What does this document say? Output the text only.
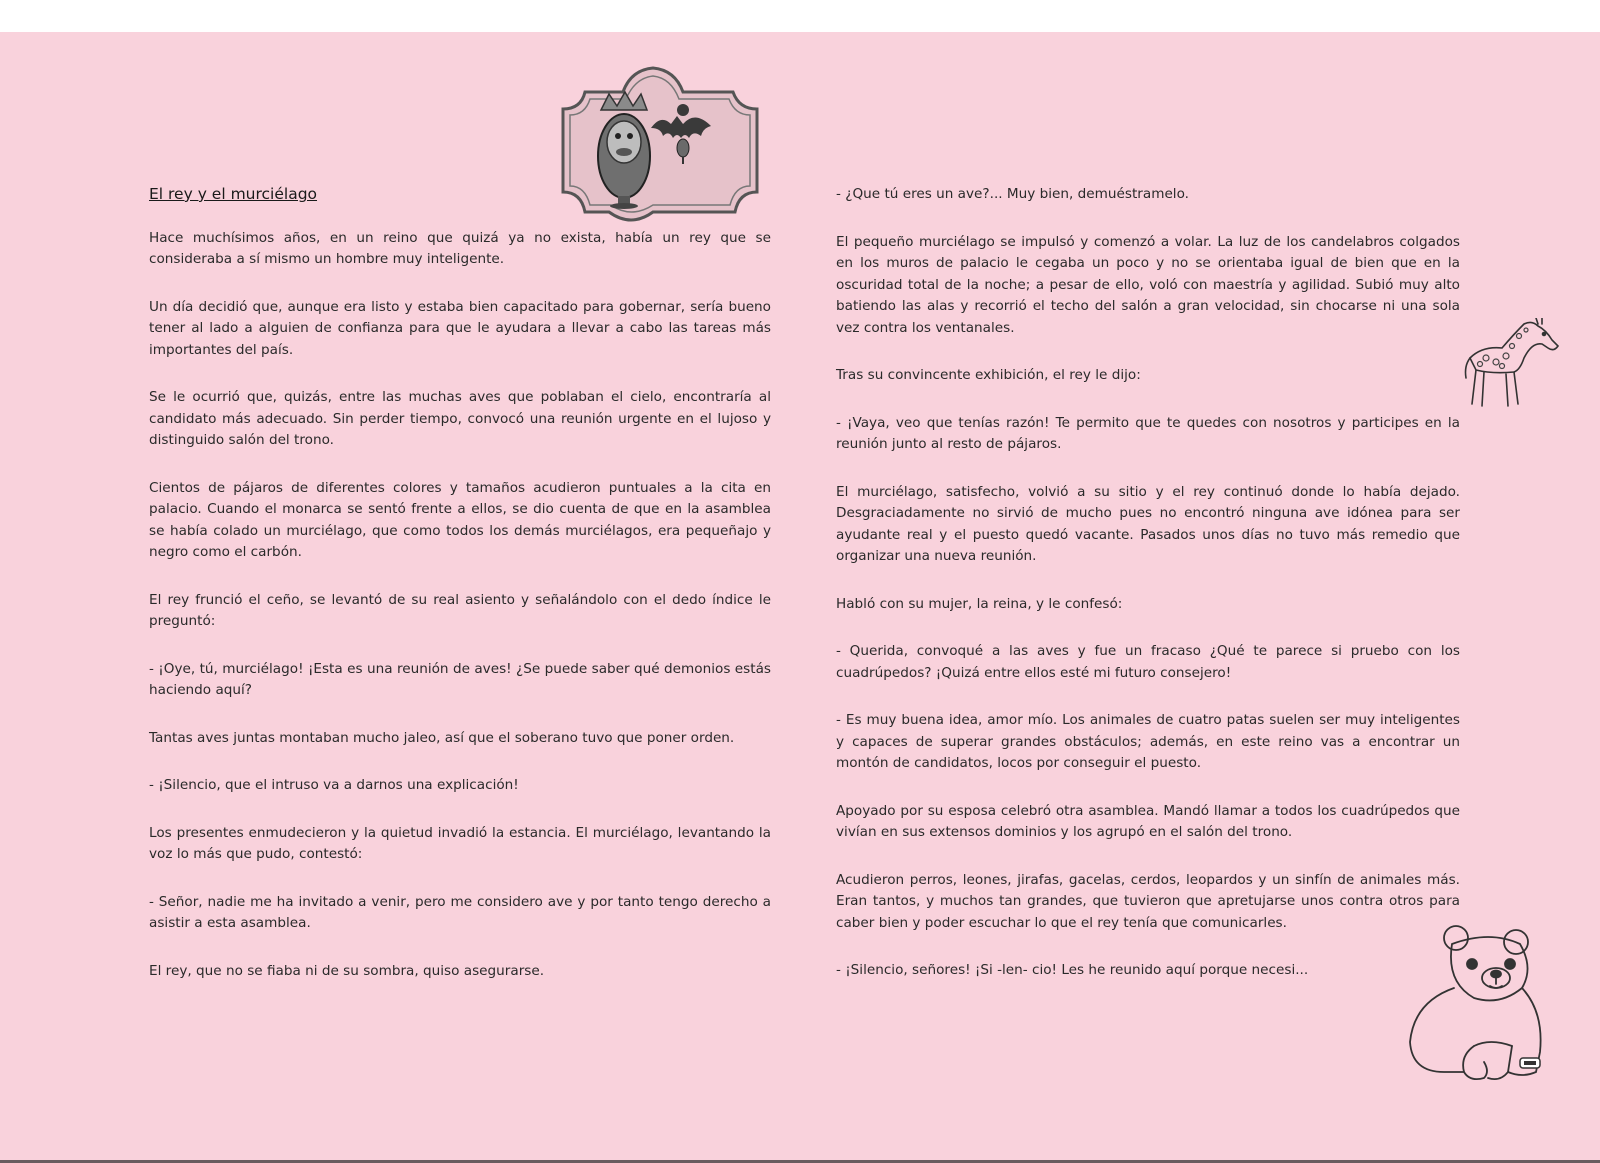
El rey y el murciélago

Hace muchísimos años, en un reino que quizá ya no exista, había un rey que se consideraba a sí mismo un hombre muy inteligente.

Un día decidió que, aunque era listo y estaba bien capacitado para gobernar, sería bueno tener al lado a alguien de confianza para que le ayudara a llevar a cabo las tareas más importantes del país.

Se le ocurrió que, quizás, entre las muchas aves que poblaban el cielo, encontraría al candidato más adecuado. Sin perder tiempo, convocó una reunión urgente en el lujoso y distinguido salón del trono.

Cientos de pájaros de diferentes colores y tamaños acudieron puntuales a la cita en palacio. Cuando el monarca se sentó frente a ellos, se dio cuenta de que en la asamblea se había colado un murciélago, que como todos los demás murciélagos, era pequeñajo y negro como el carbón.

El rey frunció el ceño, se levantó de su real asiento y señalándolo con el dedo índice le preguntó:

- ¡Oye, tú, murciélago! ¡Esta es una reunión de aves! ¿Se puede saber qué demonios estás haciendo aquí?

Tantas aves juntas montaban mucho jaleo, así que el soberano tuvo que poner orden.

- ¡Silencio, que el intruso va a darnos una explicación!

Los presentes enmudecieron y la quietud invadió la estancia. El murciélago, levantando la voz lo más que pudo, contestó:

- Señor, nadie me ha invitado a venir, pero me considero ave y por tanto tengo derecho a asistir a esta asamblea.

El rey, que no se fiaba ni de su sombra, quiso asegurarse.

- ¿Que tú eres un ave?... Muy bien, demuéstramelo.

El pequeño murciélago se impulsó y comenzó a volar. La luz de los candelabros colgados en los muros de palacio le cegaba un poco y no se orientaba igual de bien que en la oscuridad total de la noche; a pesar de ello, voló con maestría y agilidad. Subió muy alto batiendo las alas y recorrió el techo del salón a gran velocidad, sin chocarse ni una sola vez contra los ventanales.

Tras su convincente exhibición, el rey le dijo:

- ¡Vaya, veo que tenías razón! Te permito que te quedes con nosotros y participes en la reunión junto al resto de pájaros.

El murciélago, satisfecho, volvió a su sitio y el rey continuó donde lo había dejado. Desgraciadamente no sirvió de mucho pues no encontró ninguna ave idónea para ser ayudante real y el puesto quedó vacante. Pasados unos días no tuvo más remedio que organizar una nueva reunión.

Habló con su mujer, la reina, y le confesó:

- Querida, convoqué a las aves y fue un fracaso ¿Qué te parece si pruebo con los cuadrúpedos? ¡Quizá entre ellos esté mi futuro consejero!

- Es muy buena idea, amor mío. Los animales de cuatro patas suelen ser muy inteligentes y capaces de superar grandes obstáculos; además, en este reino vas a encontrar un montón de candidatos, locos por conseguir el puesto.

Apoyado por su esposa celebró otra asamblea. Mandó llamar a todos los cuadrúpedos que vivían en sus extensos dominios y los agrupó en el salón del trono.

Acudieron perros, leones, jirafas, gacelas, cerdos, leopardos y un sinfín de animales más. Eran tantos, y muchos tan grandes, que tuvieron que apretujarse unos contra otros para caber bien y poder escuchar lo que el rey tenía que comunicarles.

- ¡Silencio, señores! ¡Si -len- cio! Les he reunido aquí porque necesi...
